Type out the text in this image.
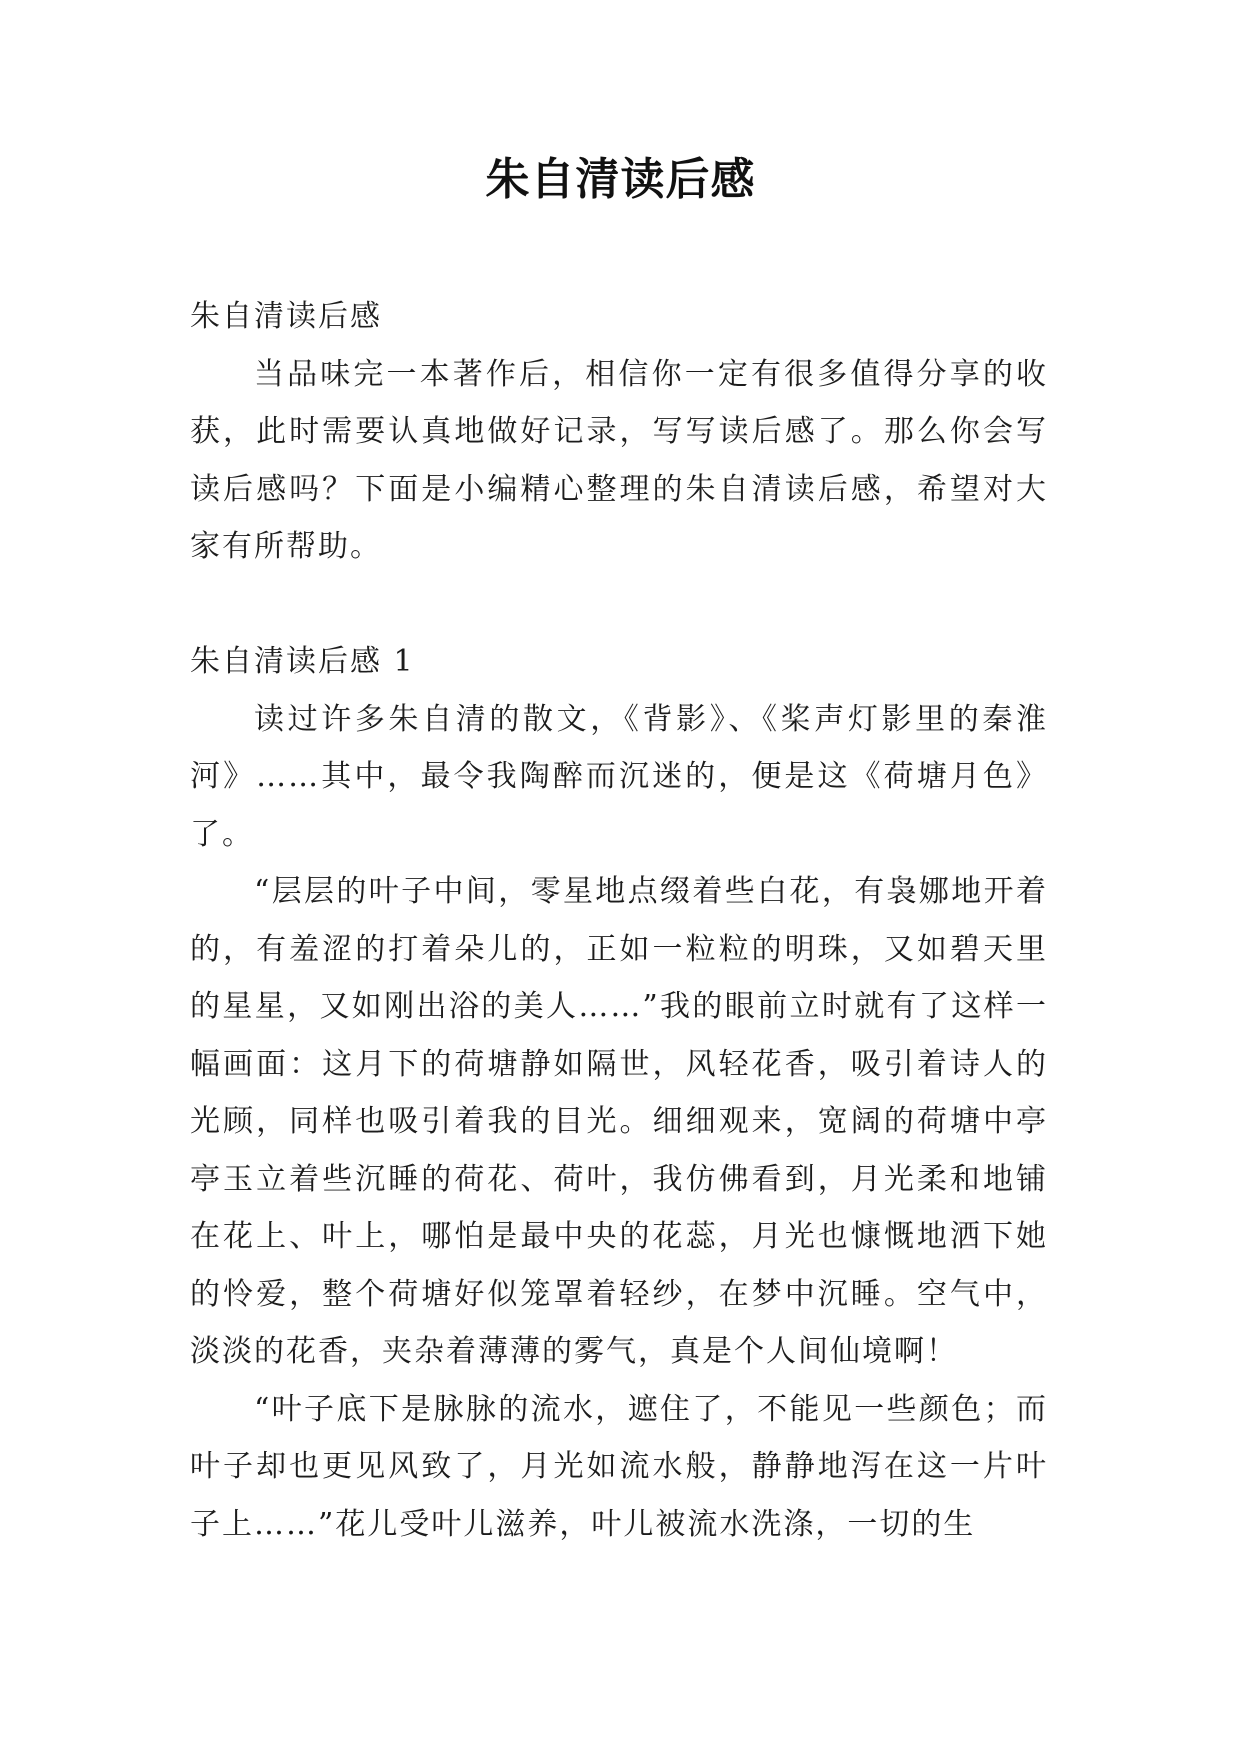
朱自清读后感

朱自清读后感

当品味完一本著作后，相信你一定有很多值得分享的收获，此时需要认真地做好记录，写写读后感了。那么你会写读后感吗？下面是小编精心整理的朱自清读后感，希望对大家有所帮助。

朱自清读后感 1

读过许多朱自清的散文，《背影》、《桨声灯影里的秦淮河》……其中，最令我陶醉而沉迷的，便是这《荷塘月色》了。

“层层的叶子中间，零星地点缀着些白花，有袅娜地开着的，有羞涩的打着朵儿的，正如一粒粒的明珠，又如碧天里的星星，又如刚出浴的美人……”我的眼前立时就有了这样一幅画面：这月下的荷塘静如隔世，风轻花香，吸引着诗人的光顾，同样也吸引着我的目光。细细观来，宽阔的荷塘中亭亭玉立着些沉睡的荷花、荷叶，我仿佛看到，月光柔和地铺在花上、叶上，哪怕是最中央的花蕊，月光也慷慨地洒下她的怜爱，整个荷塘好似笼罩着轻纱，在梦中沉睡。空气中，淡淡的花香，夹杂着薄薄的雾气，真是个人间仙境啊！

“叶子底下是脉脉的流水，遮住了，不能见一些颜色；而叶子却也更见风致了，月光如流水般，静静地泻在这一片叶子上……”花儿受叶儿滋养，叶儿被流水洗涤，一切的生
